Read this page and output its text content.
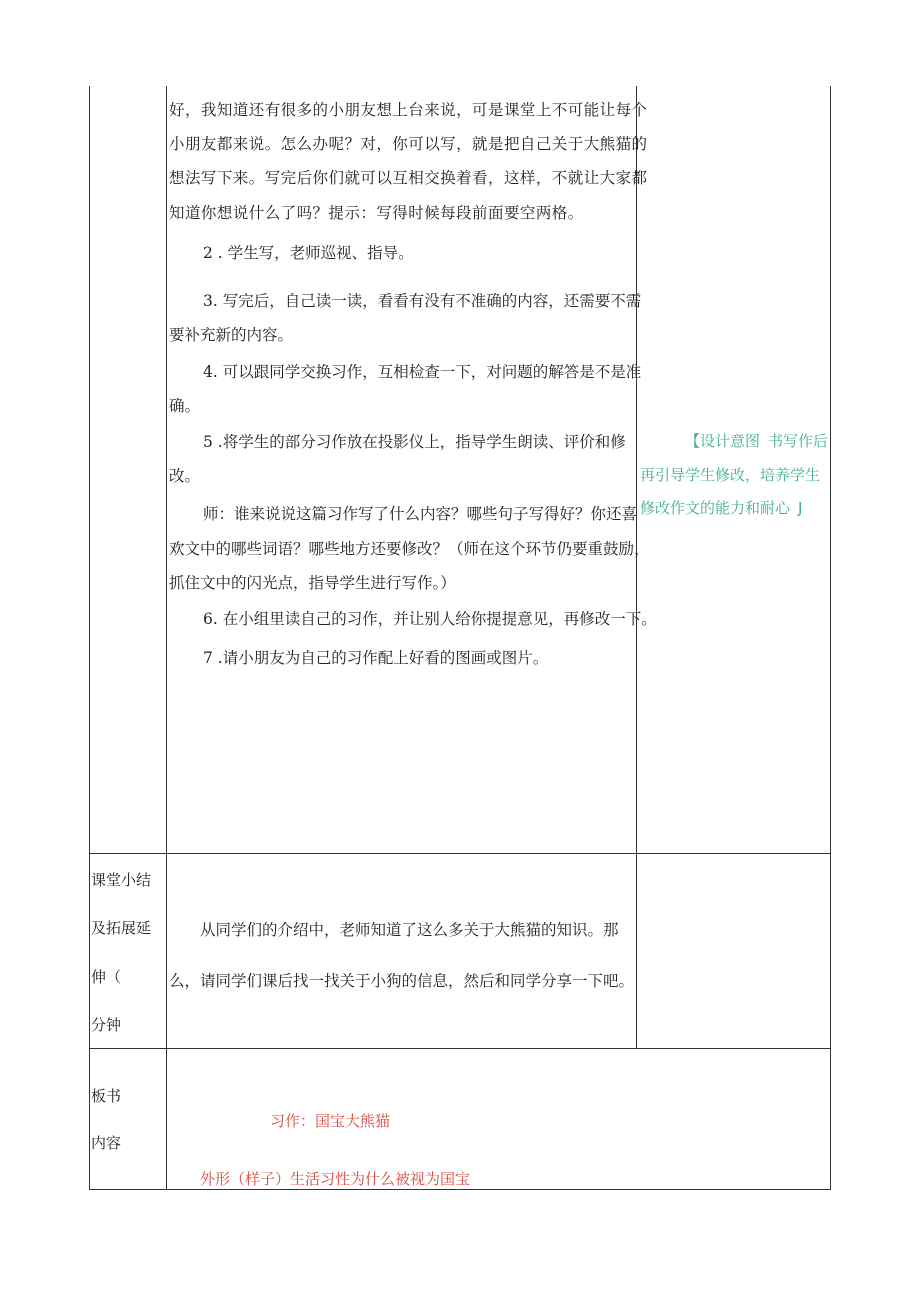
好，我知道还有很多的小朋友想上台来说，可是课堂上不可能让每个
小朋友都来说。怎么办呢？对，你可以写，就是把自己关于大熊猫的
想法写下来。写完后你们就可以互相交换着看，这样，不就让大家都
知道你想说什么了吗？提示：写得时候每段前面要空两格。
2 . 学生写，老师巡视、指导。
3. 写完后，自己读一读，看看有没有不准确的内容，还需要不需
要补充新的内容。
4. 可以跟同学交换习作，互相检查一下，对问题的解答是不是准
确。
5 .将学生的部分习作放在投影仪上，指导学生朗读、评价和修
改。
师：谁来说说这篇习作写了什么内容？哪些句子写得好？你还喜
欢文中的哪些词语？哪些地方还要修改？（师在这个环节仍要重鼓励，
抓住文中的闪光点，指导学生进行写作。）
6. 在小组里读自己的习作，并让别人给你提提意见，再修改一下。
7 .请小朋友为自己的习作配上好看的图画或图片。
【设计意图 书写作后
再引导学生修改，培养学生
修改作文的能力和耐心 J
课堂小结
及拓展延
伸（
分钟
从同学们的介绍中，老师知道了这么多关于大熊猫的知识。那
么，请同学们课后找一找关于小狗的信息，然后和同学分享一下吧。
板书
内容
习作：国宝大熊猫
外形（样子）生活习性为什么被视为国宝
